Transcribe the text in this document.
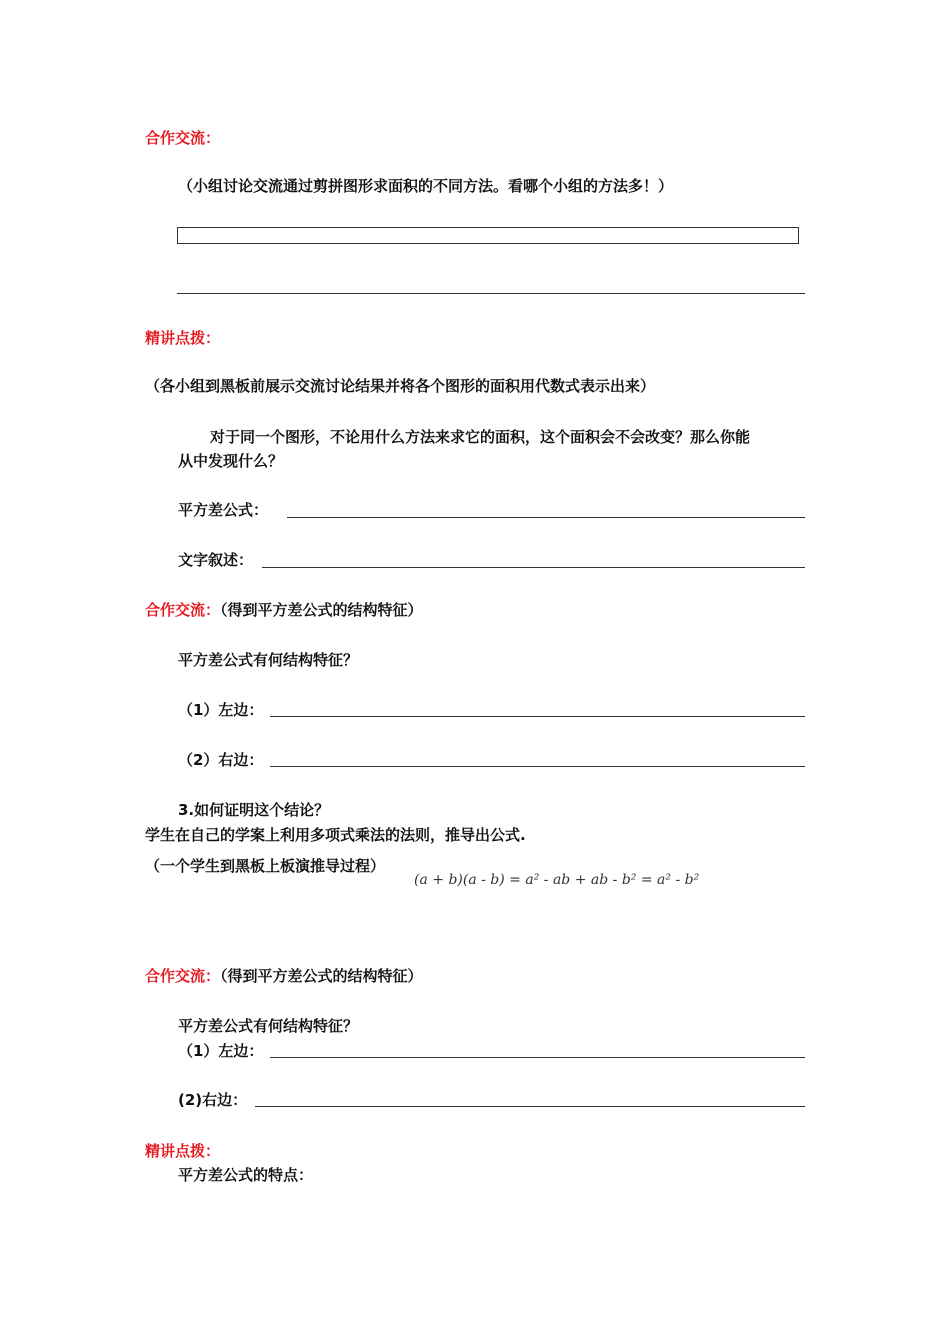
合作交流：
（小组讨论交流通过剪拼图形求面积的不同方法。看哪个小组的方法多！）
精讲点拨：
（各小组到黑板前展示交流讨论结果并将各个图形的面积用代数式表示出来）
对于同一个图形，不论用什么方法来求它的面积，这个面积会不会改变？那么你能
从中发现什么？
平方差公式：
文字叙述：
合作交流：（得到平方差公式的结构特征）
平方差公式有何结构特征？
（1）左边：
（2）右边：
3.如何证明这个结论？
学生在自己的学案上利用多项式乘法的法则，推导出公式.
（一个学生到黑板上板演推导过程）
(a + b)(a - b) = a² - ab + ab - b² = a² - b²
合作交流：（得到平方差公式的结构特征）
平方差公式有何结构特征？
（1）左边：
(2)右边：
精讲点拨：
平方差公式的特点：
